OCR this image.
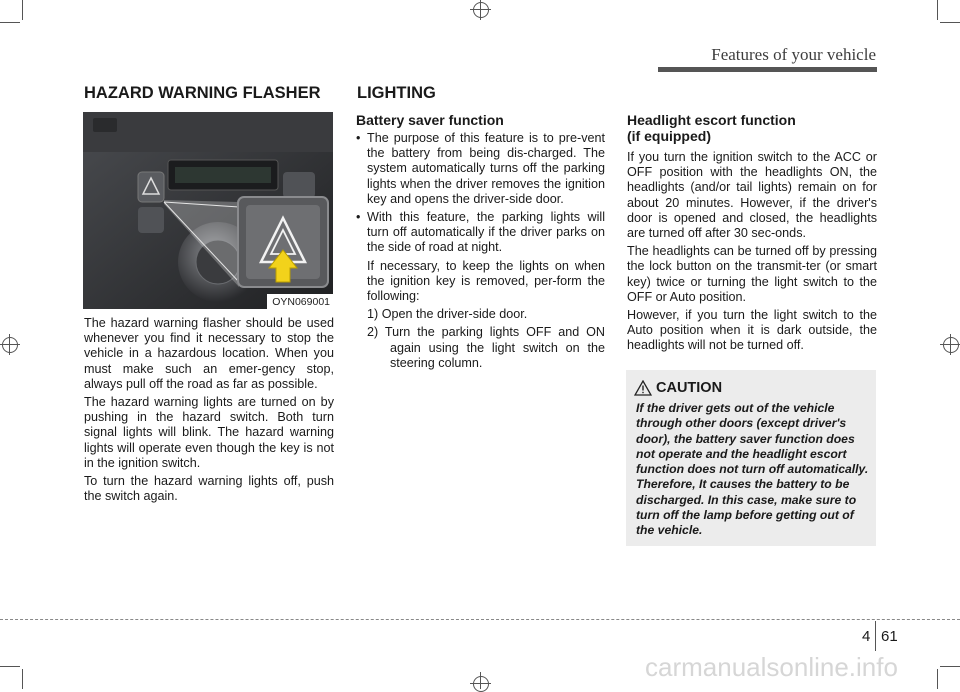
Features of your vehicle
HAZARD WARNING FLASHER LIGHTING
OYN069001

The hazard warning flasher should be used whenever you find it necessary to stop the vehicle in a hazardous location. When you must make such an emer-gency stop, always pull off the road as far as possible.

The hazard warning lights are turned on by pushing in the hazard switch. Both turn signal lights will blink. The hazard warning lights will operate even though the key is not in the ignition switch.

To turn the hazard warning lights off, push the switch again.

Battery saver function
• The purpose of this feature is to pre-vent the battery from being dis-charged. The system automatically turns off the parking lights when the driver removes the ignition key and opens the driver-side door.
• With this feature, the parking lights will turn off automatically if the driver parks on the side of road at night.

If necessary, to keep the lights on when the ignition key is removed, per-form the following:

1) Open the driver-side door.

2) Turn the parking lights OFF and ON again using the light switch on the steering column.

Headlight escort function
(if equipped)

If you turn the ignition switch to the ACC or OFF position with the headlights ON, the headlights (and/or tail lights) remain on for about 20 minutes. However, if the driver's door is opened and closed, the headlights are turned off after 30 sec-onds.

The headlights can be turned off by pressing the lock button on the transmit-ter (or smart key) twice or turning the light switch to the OFF or Auto position.

However, if you turn the light switch to the Auto position when it is dark outside, the headlights will not be turned off.

CAUTION
If the driver gets out of the vehicle through other doors (except driver's door), the battery saver function does not operate and the headlight escort function does not turn off automatically. Therefore, It causes the battery to be discharged. In this case, make sure to turn off the lamp before getting out of the vehicle.
4 61
carmanualsonline.info
